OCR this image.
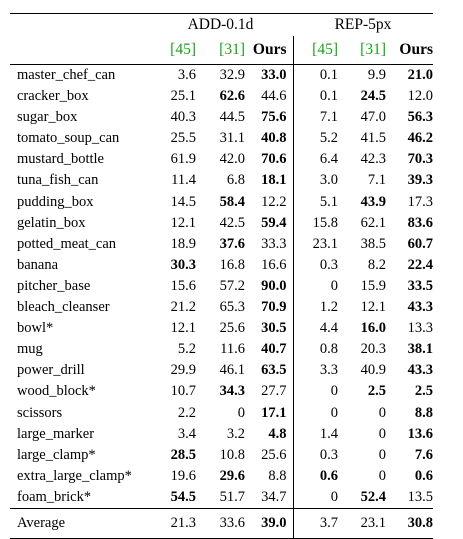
	ADD-0.1d			REP-5px		
	[45]	[31]	Ours	[45]	[31]	Ours
master_chef_can	3.6	32.9	33.0	0.1	9.9	21.0
cracker_box	25.1	62.6	44.6	0.1	24.5	12.0
sugar_box	40.3	44.5	75.6	7.1	47.0	56.3
tomato_soup_can	25.5	31.1	40.8	5.2	41.5	46.2
mustard_bottle	61.9	42.0	70.6	6.4	42.3	70.3
tuna_fish_can	11.4	6.8	18.1	3.0	7.1	39.3
pudding_box	14.5	58.4	12.2	5.1	43.9	17.3
gelatin_box	12.1	42.5	59.4	15.8	62.1	83.6
potted_meat_can	18.9	37.6	33.3	23.1	38.5	60.7
banana	30.3	16.8	16.6	0.3	8.2	22.4
pitcher_base	15.6	57.2	90.0	0	15.9	33.5
bleach_cleanser	21.2	65.3	70.9	1.2	12.1	43.3
bowl*	12.1	25.6	30.5	4.4	16.0	13.3
mug	5.2	11.6	40.7	0.8	20.3	38.1
power_drill	29.9	46.1	63.5	3.3	40.9	43.3
wood_block*	10.7	34.3	27.7	0	2.5	2.5
scissors	2.2	0	17.1	0	0	8.8
large_marker	3.4	3.2	4.8	1.4	0	13.6
large_clamp*	28.5	10.8	25.6	0.3	0	7.6
extra_large_clamp*	19.6	29.6	8.8	0.6	0	0.6
foam_brick*	54.5	51.7	34.7	0	52.4	13.5
Average	21.3	33.6	39.0	3.7	23.1	30.8
